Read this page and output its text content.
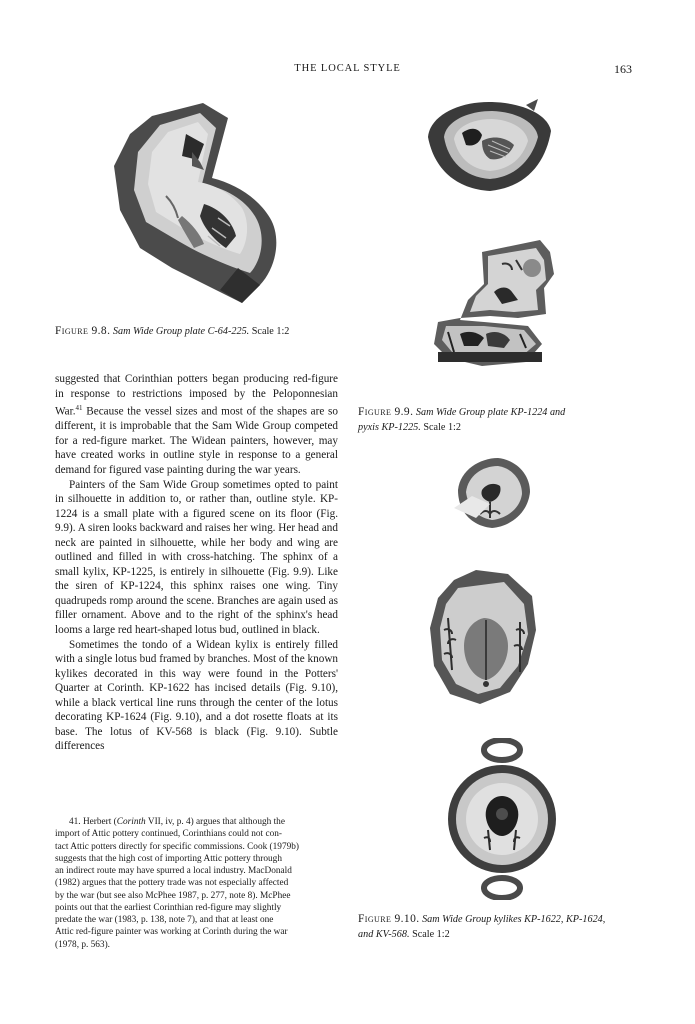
THE LOCAL STYLE	163
Figure 9.8. Sam Wide Group plate C-64-225. Scale 1:2
Figure 9.9. Sam Wide Group plate KP-1224 and
pyxis KP-1225. Scale 1:2
Figure 9.10. Sam Wide Group kylikes KP-1622, KP-1624,
and KV-568. Scale 1:2

suggested that Corinthian potters began producing red-figure in response to restrictions imposed by the Peloponnesian War.$^{41}$ Because the vessel sizes and most of the shapes are so different, it is improbable that the Sam Wide Group competed for a red-figure market. The Widean painters, however, may have created works in outline style in response to a general demand for figured vase painting during the war years.

Painters of the Sam Wide Group sometimes opted to paint in silhouette in addition to, or rather than, outline style. KP-1224 is a small plate with a figured scene on its floor (Fig. 9.9). A siren looks backward and raises her wing. Her head and neck are painted in silhouette, while her body and wing are outlined and filled in with cross-hatching. The sphinx of a small kylix, KP-1225, is entirely in silhouette (Fig. 9.9). Like the siren of KP-1224, this sphinx raises one wing. Tiny quadrupeds romp around the scene. Branches are again used as filler ornament. Above and to the right of the sphinx's head looms a large red heart-shaped lotus bud, outlined in black.

Sometimes the tondo of a Widean kylix is entirely filled with a single lotus bud framed by branches. Most of the known kylikes decorated in this way were found in the Potters' Quarter at Corinth. KP-1622 has incised details (Fig. 9.10), while a black vertical line runs through the center of the lotus decorating KP-1624 (Fig. 9.10), and a dot rosette floats at its base. The lotus of KV-568 is black (Fig. 9.10). Subtle differences

41. Herbert (Corinth VII, iv, p. 4) argues that although the
import of Attic pottery continued, Corinthians could not con-
tact Attic potters directly for specific commissions. Cook (1979b)
suggests that the high cost of importing Attic pottery through
an indirect route may have spurred a local industry. MacDonald
(1982) argues that the pottery trade was not especially affected
by the war (but see also McPhee 1987, p. 277, note 8). McPhee
points out that the earliest Corinthian red-figure may slightly
predate the war (1983, p. 138, note 7), and that at least one
Attic red-figure painter was working at Corinth during the war
(1978, p. 563).
